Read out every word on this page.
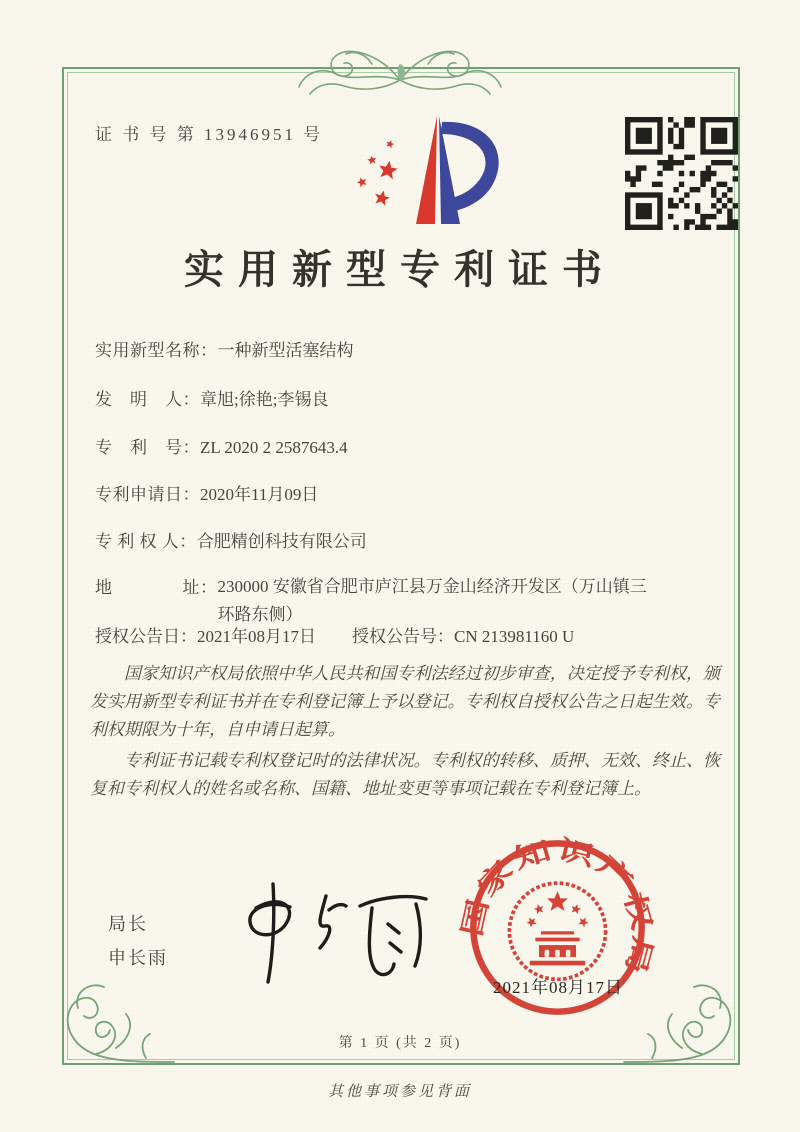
证 书 号 第 13946951 号
实用新型专利证书
实用新型名称：一种新型活塞结构
发　明　人：章旭;徐艳;李锡良
专　利　号：ZL 2020 2 2587643.4
专利申请日：2020年11月09日
专 利 权 人：合肥精创科技有限公司
地　　　　址：230000 安徽省合肥市庐江县万金山经济开发区（万山镇三环路东侧）
授权公告日：2021年08月17日 授权公告号：CN 213981160 U

国家知识产权局依照中华人民共和国专利法经过初步审查，决定授予专利权，颁发实用新型专利证书并在专利登记簿上予以登记。专利权自授权公告之日起生效。专利权期限为十年，自申请日起算。

专利证书记载专利权登记时的法律状况。专利权的转移、质押、无效、终止、恢复和专利权人的姓名或名称、国籍、地址变更等事项记载在专利登记簿上。

局长
申长雨
国家知识产权局
2021年08月17日
第 1 页 (共 2 页)
其他事项参见背面
